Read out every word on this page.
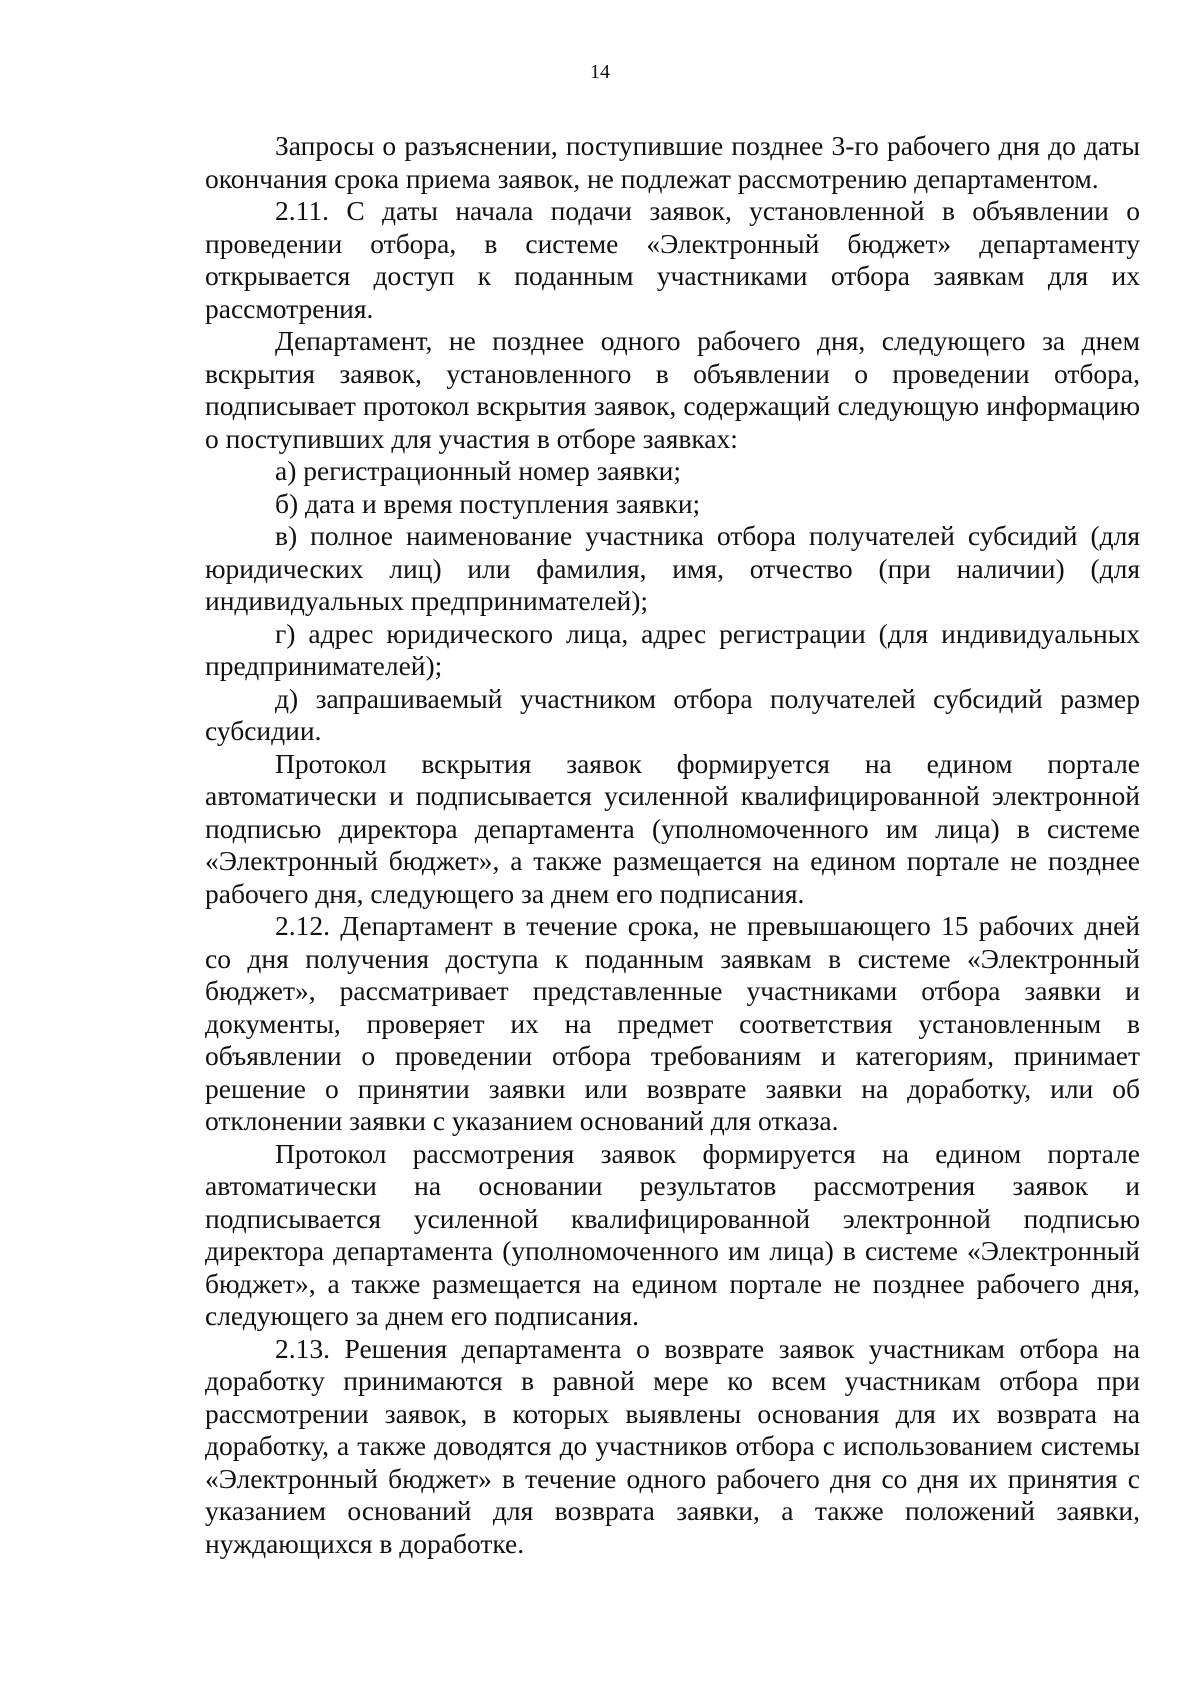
14

Запросы о разъяснении, поступившие позднее 3-го рабочего дня до даты окончания срока приема заявок, не подлежат рассмотрению департаментом.

2.11. С даты начала подачи заявок, установленной в объявлении о проведении отбора, в системе «Электронный бюджет» департаменту открывается доступ к поданным участниками отбора заявкам для их рассмотрения.

Департамент, не позднее одного рабочего дня, следующего за днем вскрытия заявок, установленного в объявлении о проведении отбора, подписывает протокол вскрытия заявок, содержащий следующую информацию о поступивших для участия в отборе заявках:

а) регистрационный номер заявки;

б) дата и время поступления заявки;

в) полное наименование участника отбора получателей субсидий (для юридических лиц) или фамилия, имя, отчество (при наличии) (для индивидуальных предпринимателей);

г) адрес юридического лица, адрес регистрации (для индивидуальных предпринимателей);

д) запрашиваемый участником отбора получателей субсидий размер субсидии.

Протокол вскрытия заявок формируется на едином портале автоматически и подписывается усиленной квалифицированной электронной подписью директора департамента (уполномоченного им лица) в системе «Электронный бюджет», а также размещается на едином портале не позднее рабочего дня, следующего за днем его подписания.

2.12. Департамент в течение срока, не превышающего 15 рабочих дней со дня получения доступа к поданным заявкам в системе «Электронный бюджет», рассматривает представленные участниками отбора заявки и документы, проверяет их на предмет соответствия установленным в объявлении о проведении отбора требованиям и категориям, принимает решение о принятии заявки или возврате заявки на доработку, или об отклонении заявки с указанием оснований для отказа.

Протокол рассмотрения заявок формируется на едином портале автоматически на основании результатов рассмотрения заявок и подписывается усиленной квалифицированной электронной подписью директора департамента (уполномоченного им лица) в системе «Электронный бюджет», а также размещается на едином портале не позднее рабочего дня, следующего за днем его подписания.

2.13. Решения департамента о возврате заявок участникам отбора на доработку принимаются в равной мере ко всем участникам отбора при рассмотрении заявок, в которых выявлены основания для их возврата на доработку, а также доводятся до участников отбора с использованием системы «Электронный бюджет» в течение одного рабочего дня со дня их принятия с указанием оснований для возврата заявки, а также положений заявки, нуждающихся в доработке.
